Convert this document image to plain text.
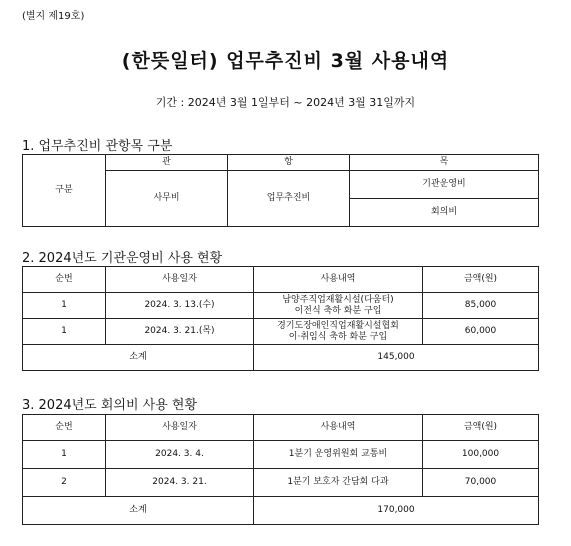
(별지 제19호)
(한뜻일터) 업무추진비 3월 사용내역
기간 : 2024년 3월 1일부터 ~ 2024년 3월 31일까지
1. 업무추진비 관항목 구분
구분	관	항	목
	사무비	업무추진비	기관운영비
			회의비
2. 2024년도 기관운영비 사용 현황
순번	사용일자	사용내역	금액(원)
1	2024. 3. 13.(수)	남양주직업재활시설(다움터)
이전식 축하 화분 구입	85,000
1	2024. 3. 21.(목)	경기도장애인직업재활시설협회
이·취임식 축하 화분 구입	60,000
소계		145,000	
3. 2024년도 회의비 사용 현황
순번	사용일자	사용내역	금액(원)
1	2024. 3. 4.	1분기 운영위원회 교통비	100,000
2	2024. 3. 21.	1분기 보호자 간담회 다과	70,000
소계		170,000	
